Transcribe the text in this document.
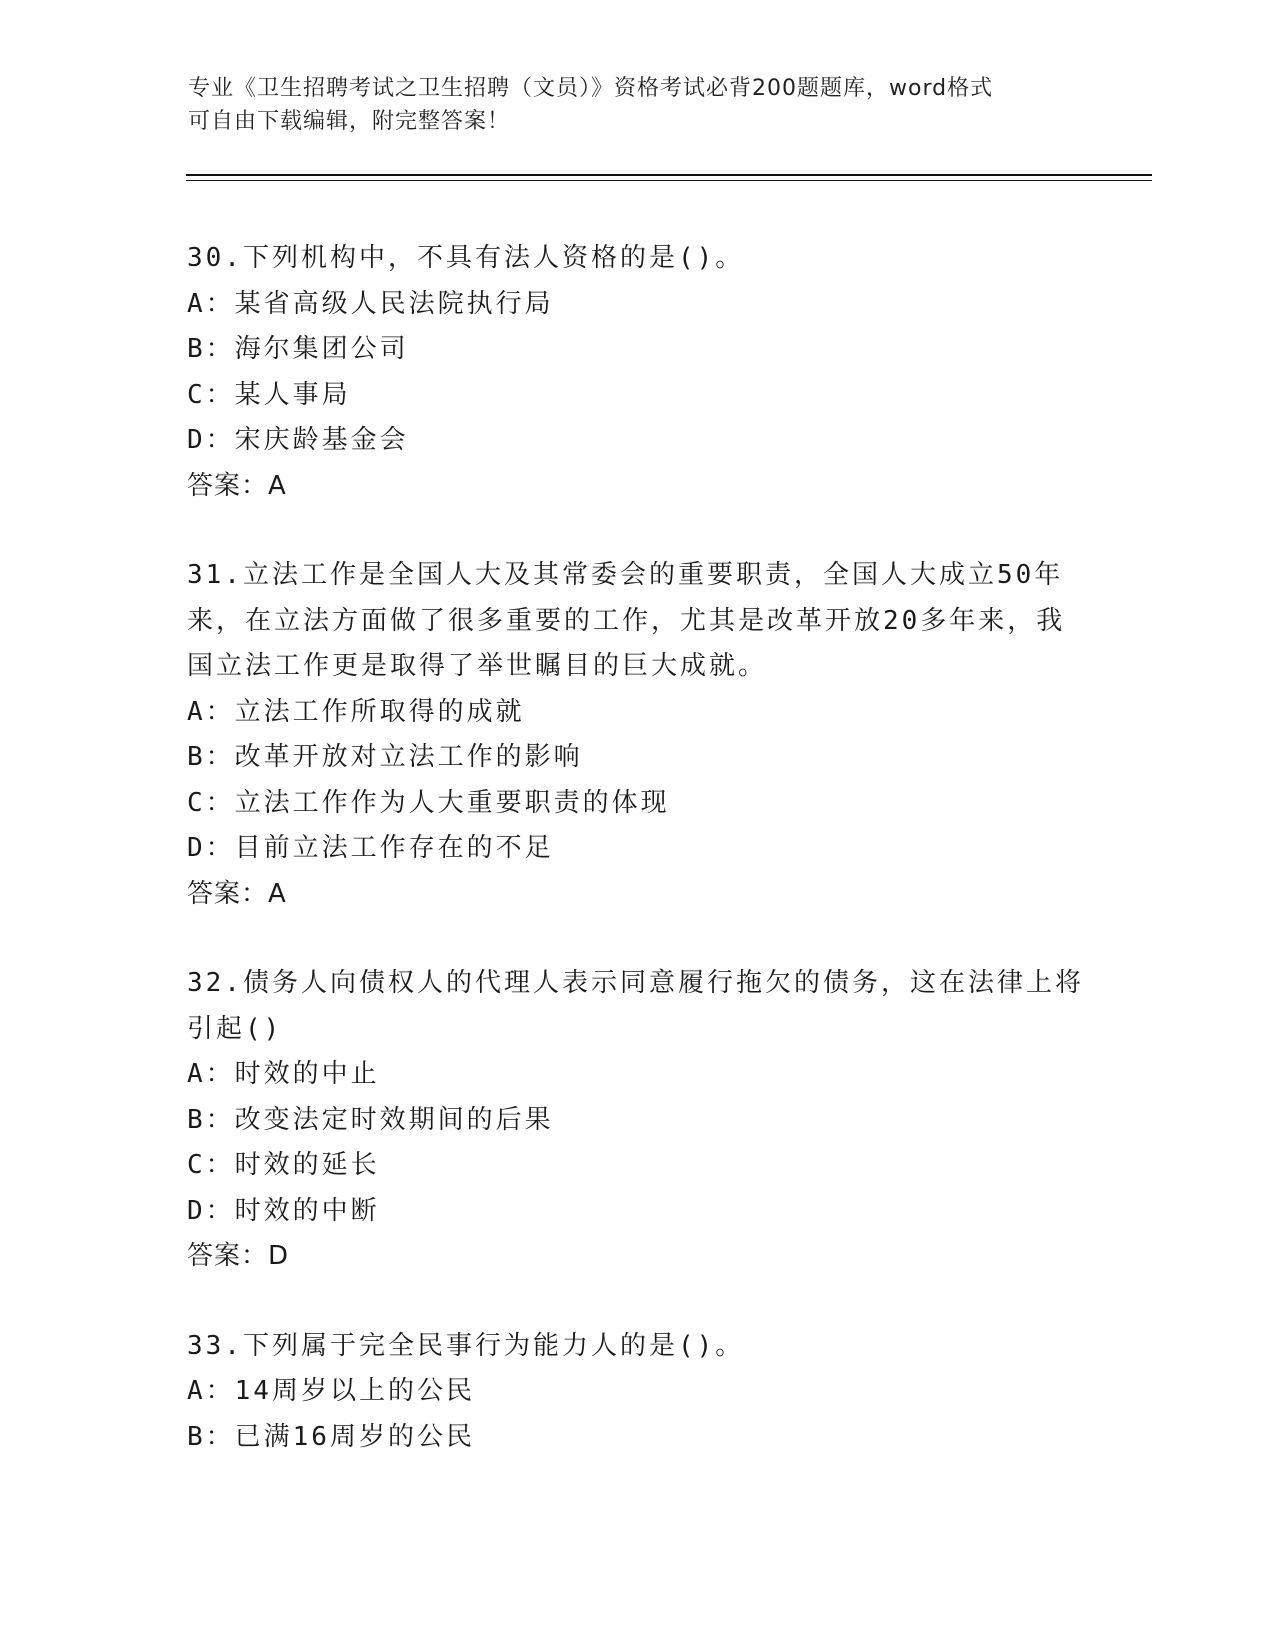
专业《卫生招聘考试之卫生招聘（文员）》资格考试必背200题题库，word格式
可自由下载编辑，附完整答案！
30.下列机构中，不具有法人资格的是()。
A：某省高级人民法院执行局
B：海尔集团公司
C：某人事局
D：宋庆龄基金会
答案：A
31.立法工作是全国人大及其常委会的重要职责，全国人大成立50年
来，在立法方面做了很多重要的工作，尤其是改革开放20多年来，我
国立法工作更是取得了举世瞩目的巨大成就。
A：立法工作所取得的成就
B：改革开放对立法工作的影响
C：立法工作作为人大重要职责的体现
D：目前立法工作存在的不足
答案：A
32.债务人向债权人的代理人表示同意履行拖欠的债务，这在法律上将
引起()
A：时效的中止
B：改变法定时效期间的后果
C：时效的延长
D：时效的中断
答案：D
33.下列属于完全民事行为能力人的是()。
A：14周岁以上的公民
B：已满16周岁的公民
